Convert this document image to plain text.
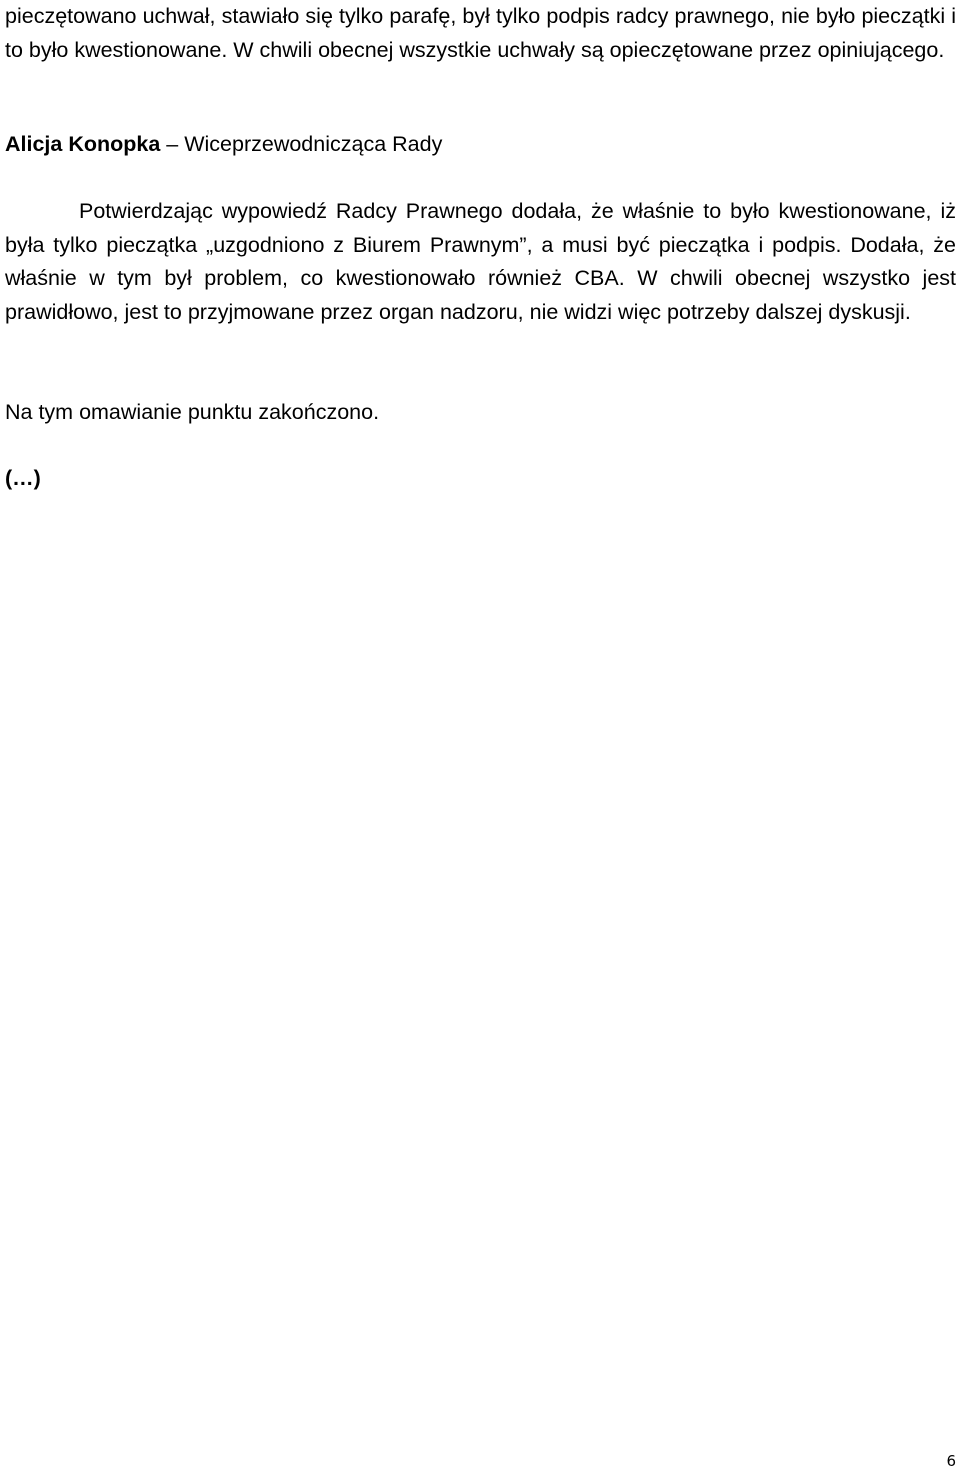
pieczętowano uchwał, stawiało się tylko parafę, był tylko podpis radcy prawnego, nie było pieczątki i to było kwestionowane. W chwili obecnej wszystkie uchwały są opieczętowane przez opiniującego.

Alicja Konopka – Wiceprzewodnicząca Rady

Potwierdzając wypowiedź Radcy Prawnego dodała, że właśnie to było kwestionowane, iż była tylko pieczątka „uzgodniono z Biurem Prawnym”, a musi być pieczątka i podpis. Dodała, że właśnie w tym był problem, co kwestionowało również CBA. W chwili obecnej wszystko jest prawidłowo, jest to przyjmowane przez organ nadzoru, nie widzi więc potrzeby dalszej dyskusji.

Na tym omawianie punktu zakończono.

(…)

6
